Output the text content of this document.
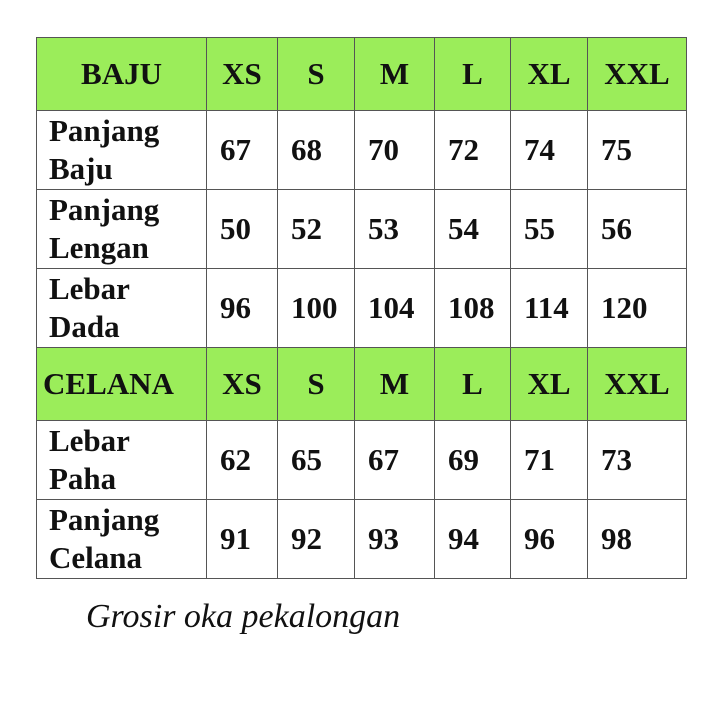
BAJU	XS	S	M	L	XL	XXL

Panjang
Baju	67	68	70	72	74	75

Panjang
Lengan	50	52	53	54	55	56

Lebar
Dada	96	100	104	108	114	120
CELANA	XS	S	M	L	XL	XXL

Lebar
Paha	62	65	67	69	71	73

Panjang
Celana	91	92	93	94	96	98
Grosir oka pekalongan
